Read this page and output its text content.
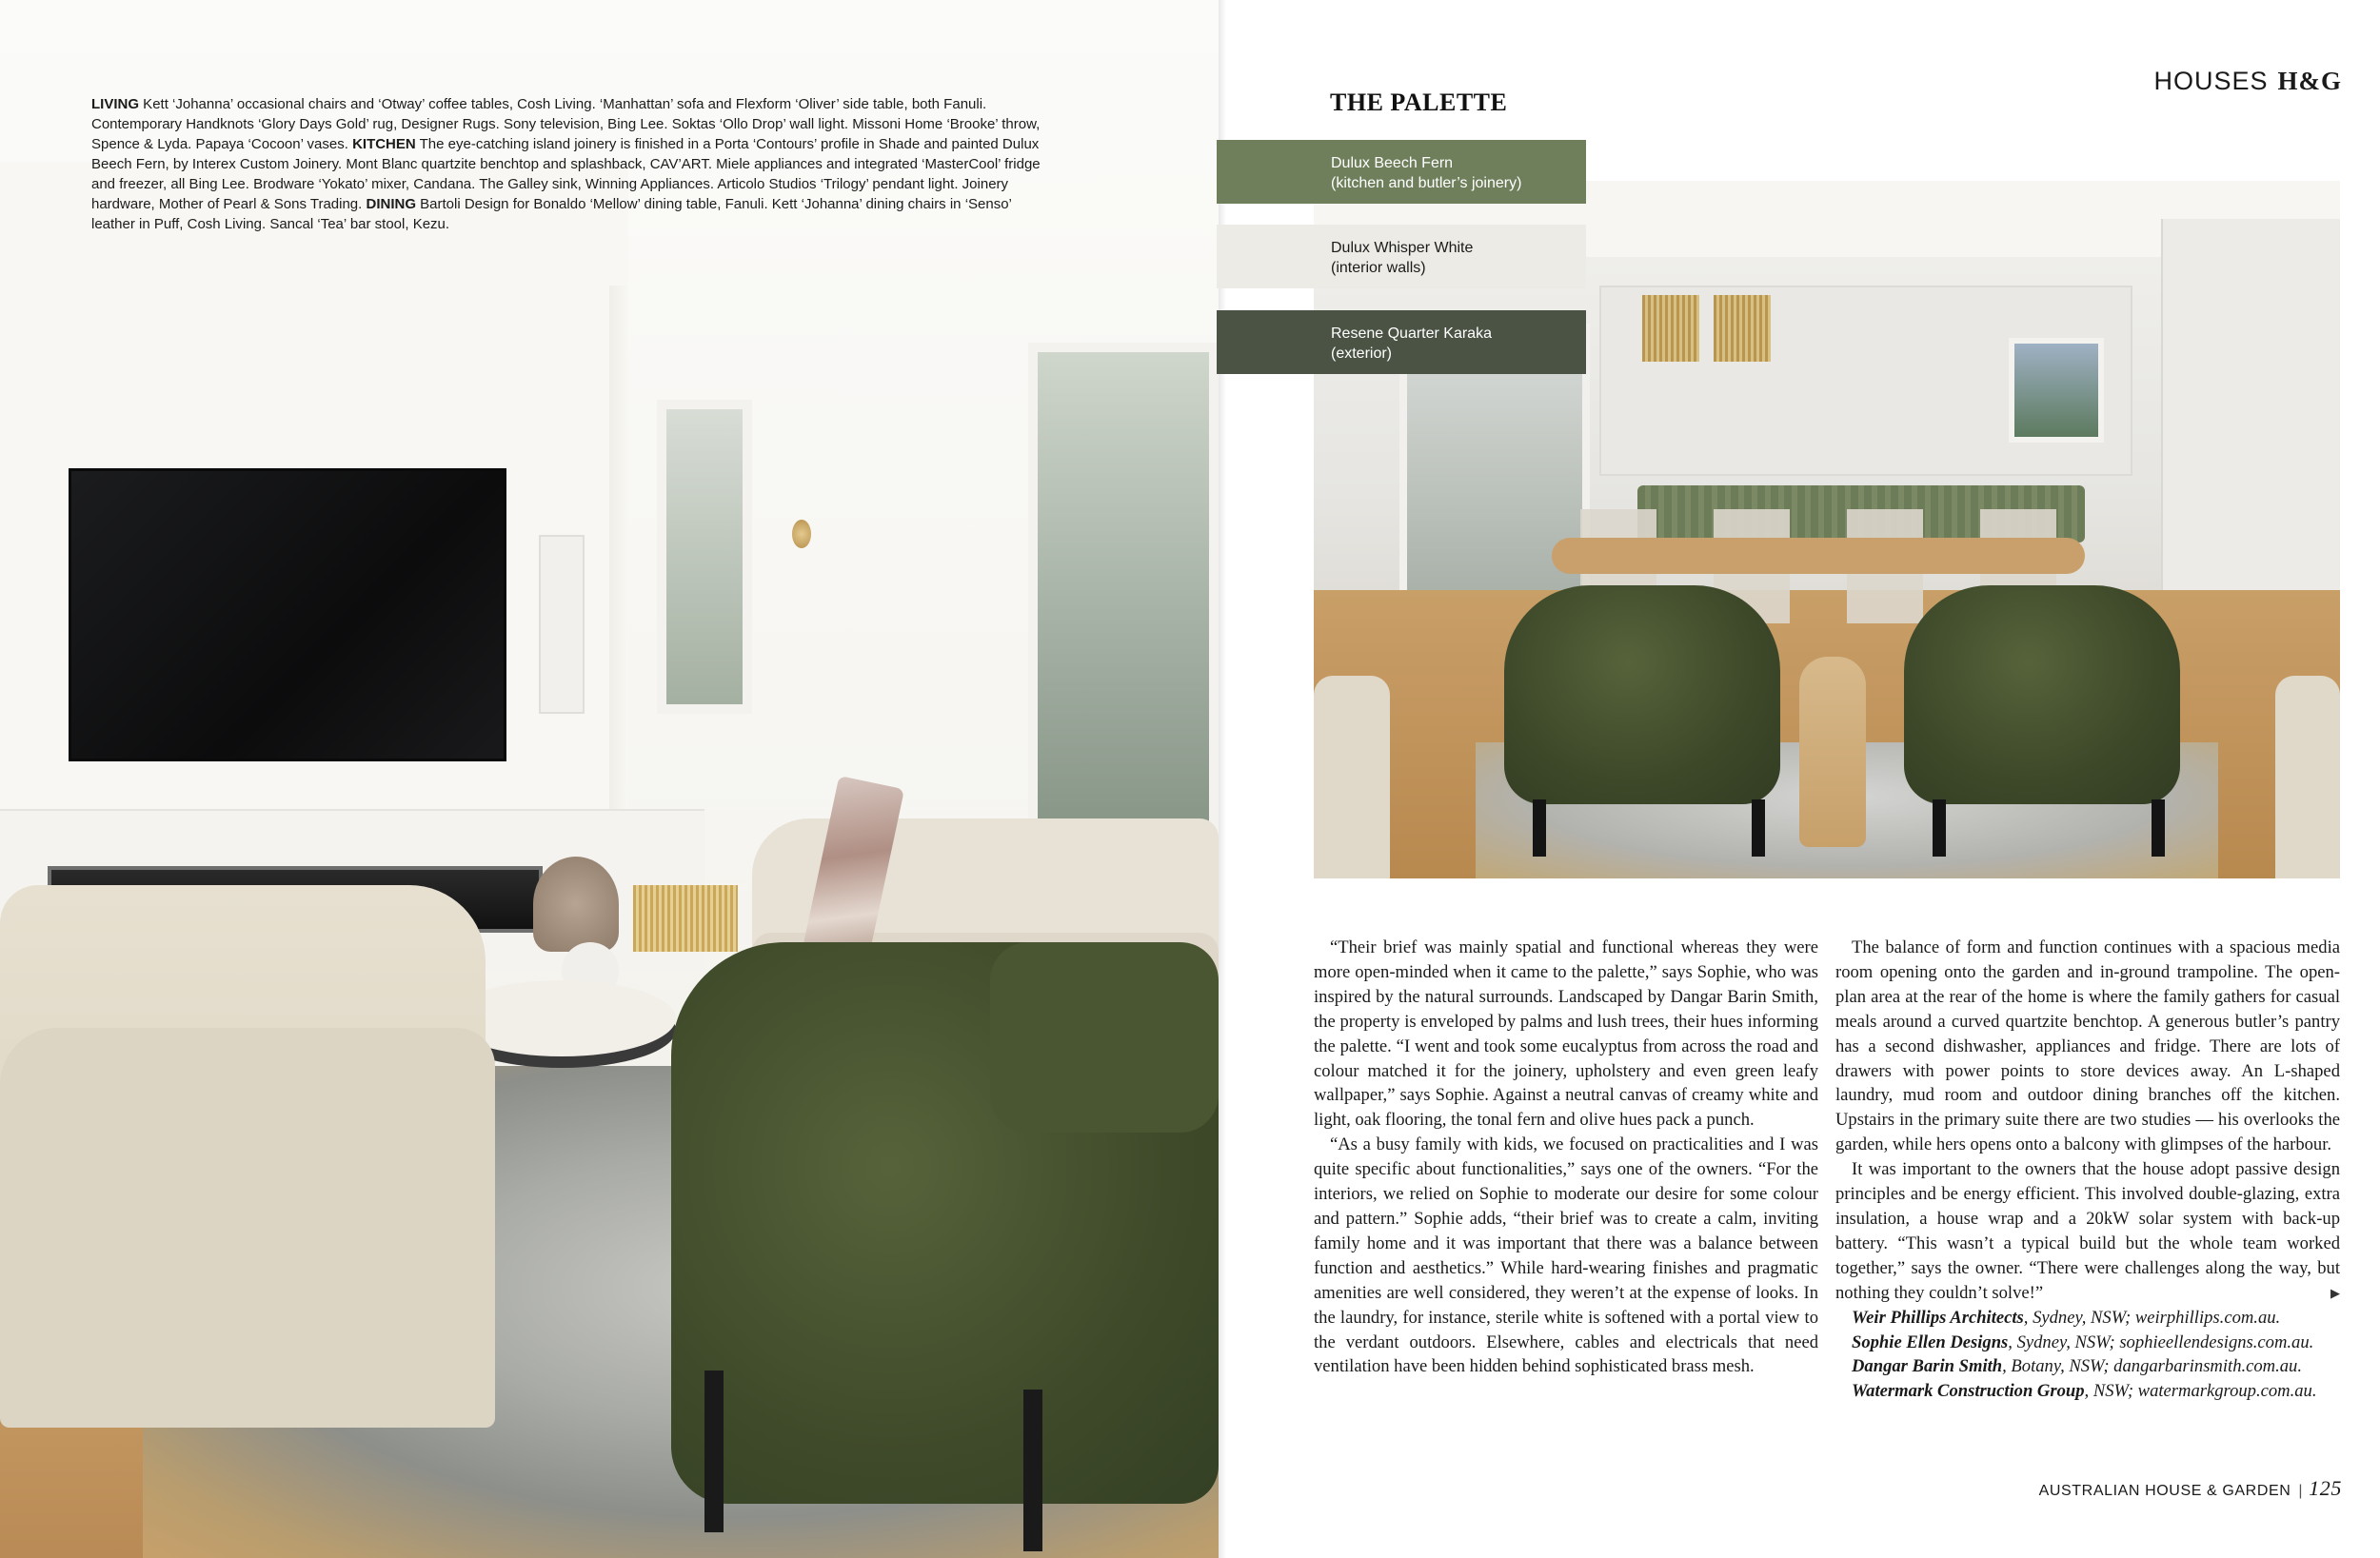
LIVING Kett ‘Johanna’ occasional chairs and ‘Otway’ coffee tables, Cosh Living. ‘Manhattan’ sofa and Flexform ‘Oliver’ side table, both Fanuli. Contemporary Handknots ‘Glory Days Gold’ rug, Designer Rugs. Sony television, Bing Lee. Soktas ‘Ollo Drop’ wall light. Missoni Home ‘Brooke’ throw, Spence & Lyda. Papaya ‘Cocoon’ vases. KITCHEN The eye-catching island joinery is finished in a Porta ‘Contours’ profile in Shade and painted Dulux Beech Fern, by Interex Custom Joinery. Mont Blanc quartzite benchtop and splashback, CAV’ART. Miele appliances and integrated ‘MasterCool’ fridge and freezer, all Bing Lee. Brodware ‘Yokato’ mixer, Candana. The Galley sink, Winning Appliances. Articolo Studios ‘Trilogy’ pendant light. Joinery hardware, Mother of Pearl & Sons Trading. DINING Bartoli Design for Bonaldo ‘Mellow’ dining table, Fanuli. Kett ‘Johanna’ dining chairs in ‘Senso’ leather in Puff, Cosh Living. Sancal ‘Tea’ bar stool, Kezu.
HOUSES H&G
THE PALETTE
Dulux Beech Fern
(kitchen and butler’s joinery)
Dulux Whisper White
(interior walls)
Resene Quarter Karaka
(exterior)

“Their brief was mainly spatial and functional whereas they were more open-minded when it came to the palette,” says Sophie, who was inspired by the natural surrounds. Landscaped by Dangar Barin Smith, the property is enveloped by palms and lush trees, their hues informing the palette. “I went and took some eucalyptus from across the road and colour matched it for the joinery, upholstery and even green leafy wallpaper,” says Sophie. Against a neutral canvas of creamy white and light, oak flooring, the tonal fern and olive hues pack a punch.

“As a busy family with kids, we focused on practicalities and I was quite specific about functionalities,” says one of the owners. “For the interiors, we relied on Sophie to moderate our desire for some colour and pattern.” Sophie adds, “their brief was to create a calm, inviting family home and it was important that there was a balance between function and aesthetics.” While hard-wearing finishes and pragmatic amenities are well considered, they weren’t at the expense of looks. In the laundry, for instance, sterile white is softened with a portal view to the verdant outdoors. Elsewhere, cables and electricals that need ventilation have been hidden behind sophisticated brass mesh.

The balance of form and function continues with a spacious media room opening onto the garden and in-ground trampoline. The open-plan area at the rear of the home is where the family gathers for casual meals around a curved quartzite benchtop. A generous butler’s pantry has a second dishwasher, appliances and fridge. There are lots of drawers with power points to store devices away. An L-shaped laundry, mud room and outdoor dining branches off the kitchen. Upstairs in the primary suite there are two studies — his overlooks the garden, while hers opens onto a balcony with glimpses of the harbour.

It was important to the owners that the house adopt passive design principles and be energy efficient. This involved double-glazing, extra insulation, a house wrap and a 20kW solar system with back-up battery. “This wasn’t a typical build but the whole team worked together,” says the owner. “There were challenges along the way, but nothing they couldn’t solve!”	▶

Weir Phillips Architects, Sydney, NSW; weirphillips.com.au.

Sophie Ellen Designs, Sydney, NSW; sophieellendesigns.com.au.

Dangar Barin Smith, Botany, NSW; dangarbarinsmith.com.au.

Watermark Construction Group, NSW; watermarkgroup.com.au.

AUSTRALIAN HOUSE & GARDEN | 125
